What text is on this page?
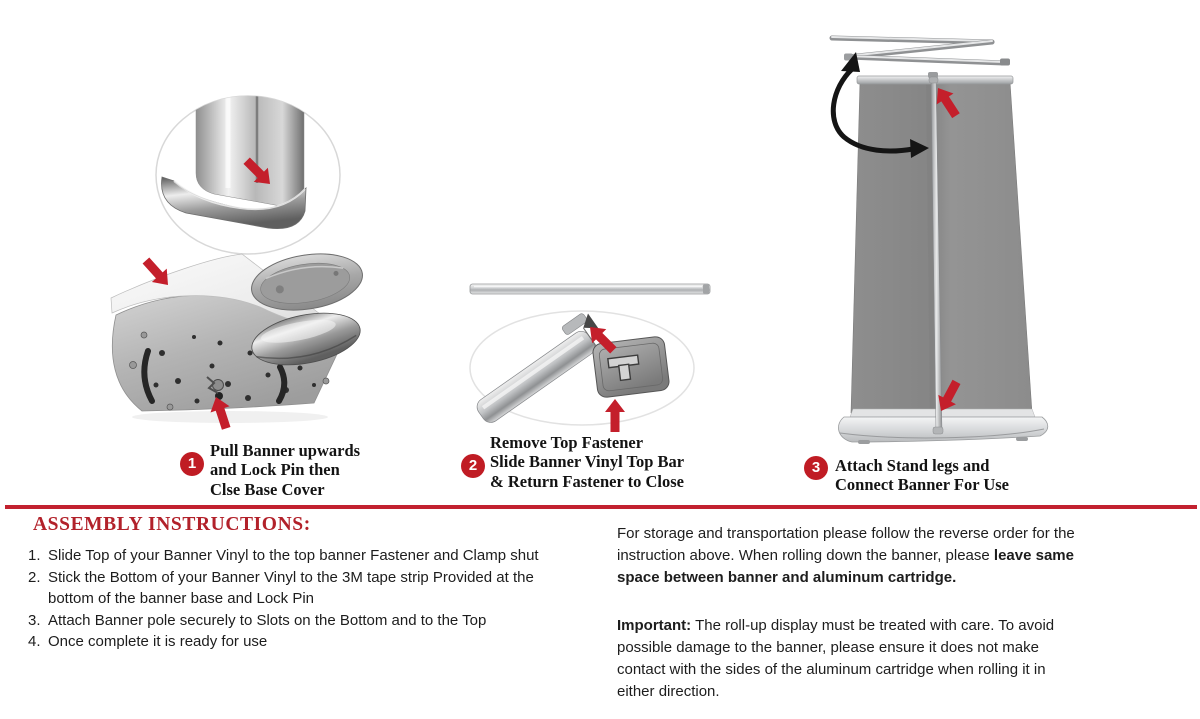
1
Pull Banner upwards
and Lock Pin then
Clse Base Cover
2
Remove Top Fastener
Slide Banner Vinyl Top Bar
& Return Fastener to Close
3 Attach Stand legs and
Connect Banner For Use
ASSEMBLY INSTRUCTIONS:
1. Slide Top of your Banner Vinyl to the top banner Fastener and Clamp shut
2. Stick the Bottom of your Banner Vinyl to the 3M tape strip Provided at the
bottom of the banner base and Lock Pin
3. Attach Banner pole securely to Slots on the Bottom and to the Top
4. Once complete it is ready for use
For storage and transportation please follow the reverse order for the
instruction above. When rolling down the banner, please leave same
space between banner and aluminum cartridge.
Important: The roll-up display must be treated with care. To avoid
possible damage to the banner, please ensure it does not make
contact with the sides of the aluminum cartridge when rolling it in
either direction.
